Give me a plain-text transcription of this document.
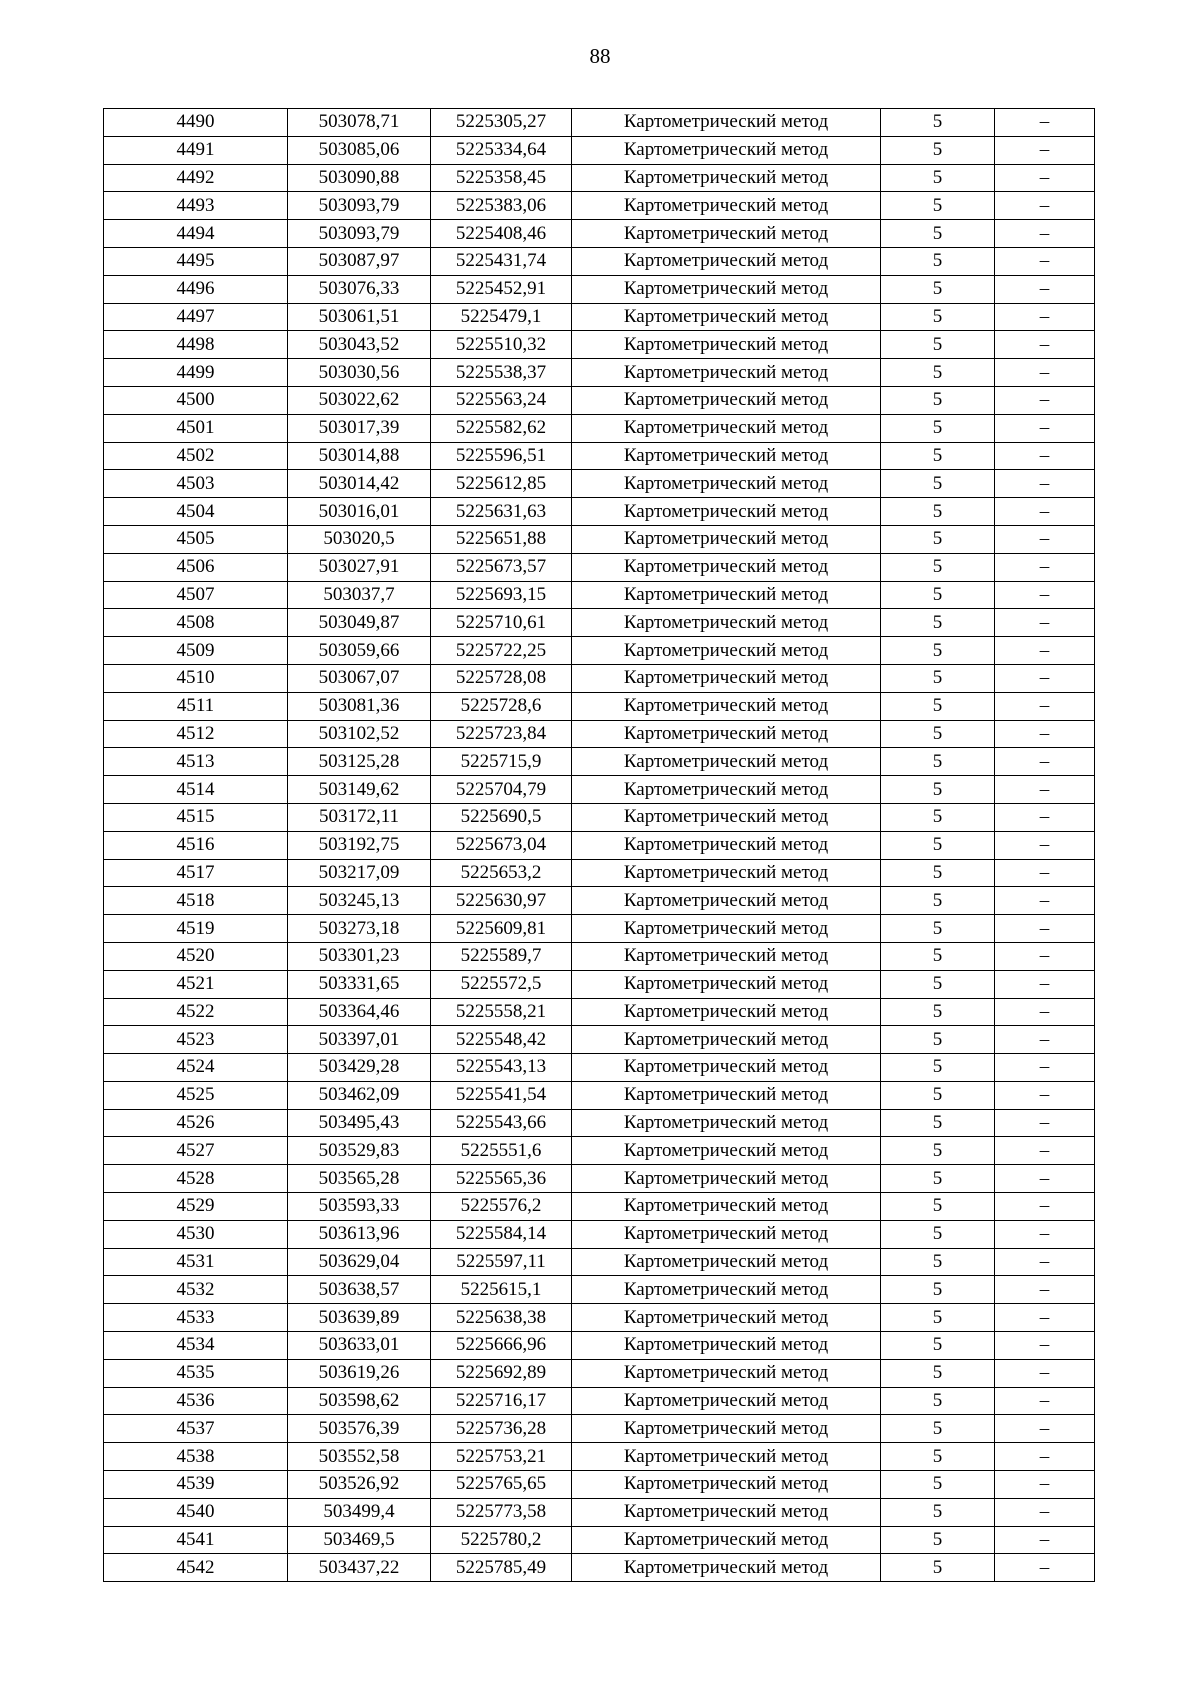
88
4490	503078,71	5225305,27	Картометрический метод	5	–
4491	503085,06	5225334,64	Картометрический метод	5	–
4492	503090,88	5225358,45	Картометрический метод	5	–
4493	503093,79	5225383,06	Картометрический метод	5	–
4494	503093,79	5225408,46	Картометрический метод	5	–
4495	503087,97	5225431,74	Картометрический метод	5	–
4496	503076,33	5225452,91	Картометрический метод	5	–
4497	503061,51	5225479,1	Картометрический метод	5	–
4498	503043,52	5225510,32	Картометрический метод	5	–
4499	503030,56	5225538,37	Картометрический метод	5	–
4500	503022,62	5225563,24	Картометрический метод	5	–
4501	503017,39	5225582,62	Картометрический метод	5	–
4502	503014,88	5225596,51	Картометрический метод	5	–
4503	503014,42	5225612,85	Картометрический метод	5	–
4504	503016,01	5225631,63	Картометрический метод	5	–
4505	503020,5	5225651,88	Картометрический метод	5	–
4506	503027,91	5225673,57	Картометрический метод	5	–
4507	503037,7	5225693,15	Картометрический метод	5	–
4508	503049,87	5225710,61	Картометрический метод	5	–
4509	503059,66	5225722,25	Картометрический метод	5	–
4510	503067,07	5225728,08	Картометрический метод	5	–
4511	503081,36	5225728,6	Картометрический метод	5	–
4512	503102,52	5225723,84	Картометрический метод	5	–
4513	503125,28	5225715,9	Картометрический метод	5	–
4514	503149,62	5225704,79	Картометрический метод	5	–
4515	503172,11	5225690,5	Картометрический метод	5	–
4516	503192,75	5225673,04	Картометрический метод	5	–
4517	503217,09	5225653,2	Картометрический метод	5	–
4518	503245,13	5225630,97	Картометрический метод	5	–
4519	503273,18	5225609,81	Картометрический метод	5	–
4520	503301,23	5225589,7	Картометрический метод	5	–
4521	503331,65	5225572,5	Картометрический метод	5	–
4522	503364,46	5225558,21	Картометрический метод	5	–
4523	503397,01	5225548,42	Картометрический метод	5	–
4524	503429,28	5225543,13	Картометрический метод	5	–
4525	503462,09	5225541,54	Картометрический метод	5	–
4526	503495,43	5225543,66	Картометрический метод	5	–
4527	503529,83	5225551,6	Картометрический метод	5	–
4528	503565,28	5225565,36	Картометрический метод	5	–
4529	503593,33	5225576,2	Картометрический метод	5	–
4530	503613,96	5225584,14	Картометрический метод	5	–
4531	503629,04	5225597,11	Картометрический метод	5	–
4532	503638,57	5225615,1	Картометрический метод	5	–
4533	503639,89	5225638,38	Картометрический метод	5	–
4534	503633,01	5225666,96	Картометрический метод	5	–
4535	503619,26	5225692,89	Картометрический метод	5	–
4536	503598,62	5225716,17	Картометрический метод	5	–
4537	503576,39	5225736,28	Картометрический метод	5	–
4538	503552,58	5225753,21	Картометрический метод	5	–
4539	503526,92	5225765,65	Картометрический метод	5	–
4540	503499,4	5225773,58	Картометрический метод	5	–
4541	503469,5	5225780,2	Картометрический метод	5	–
4542	503437,22	5225785,49	Картометрический метод	5	–
